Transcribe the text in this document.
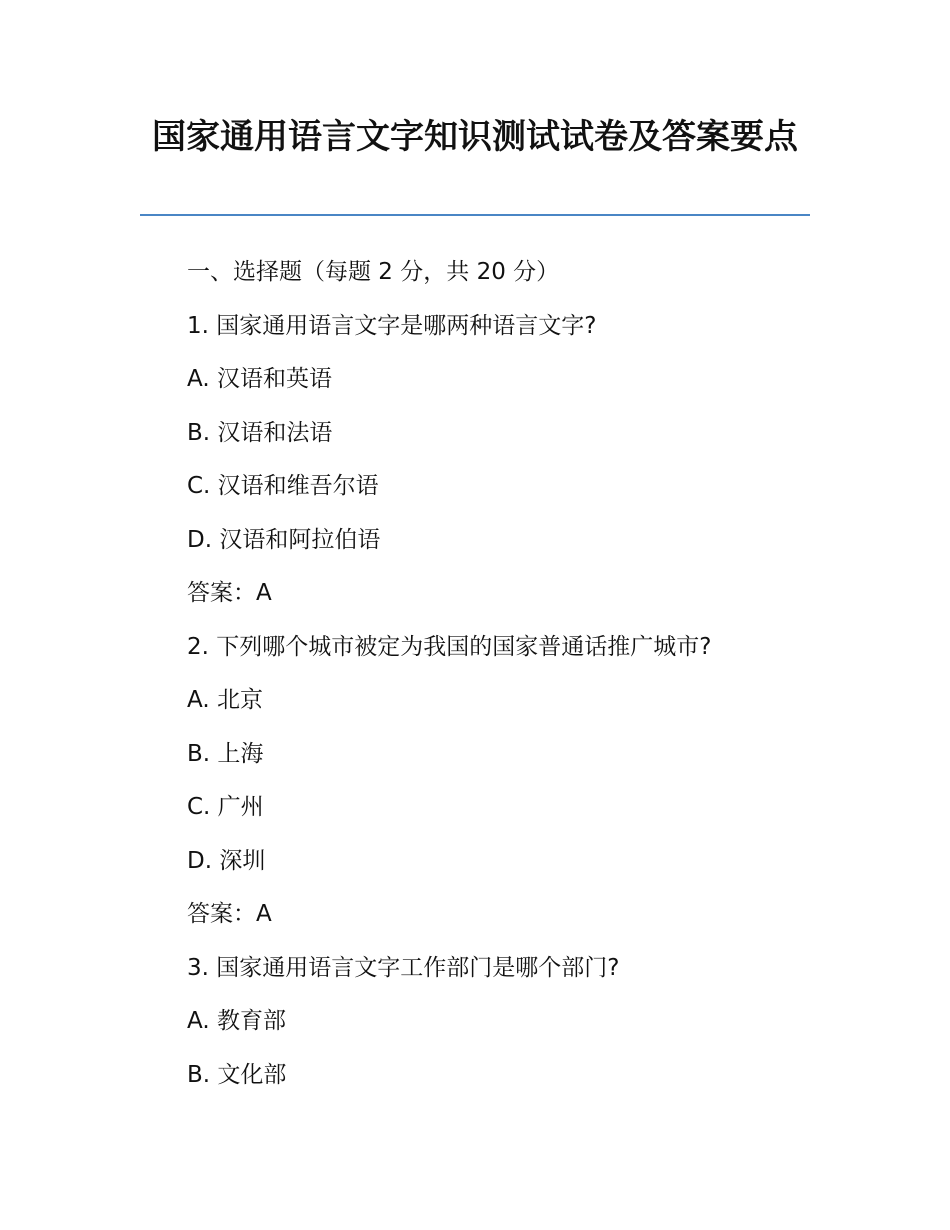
国家通用语言文字知识测试试卷及答案要点
一、选择题（每题 2 分，共 20 分）
1. 国家通用语言文字是哪两种语言文字?
A. 汉语和英语
B. 汉语和法语
C. 汉语和维吾尔语
D. 汉语和阿拉伯语
答案：A
2. 下列哪个城市被定为我国的国家普通话推广城市?
A. 北京
B. 上海
C. 广州
D. 深圳
答案：A
3. 国家通用语言文字工作部门是哪个部门?
A. 教育部
B. 文化部
